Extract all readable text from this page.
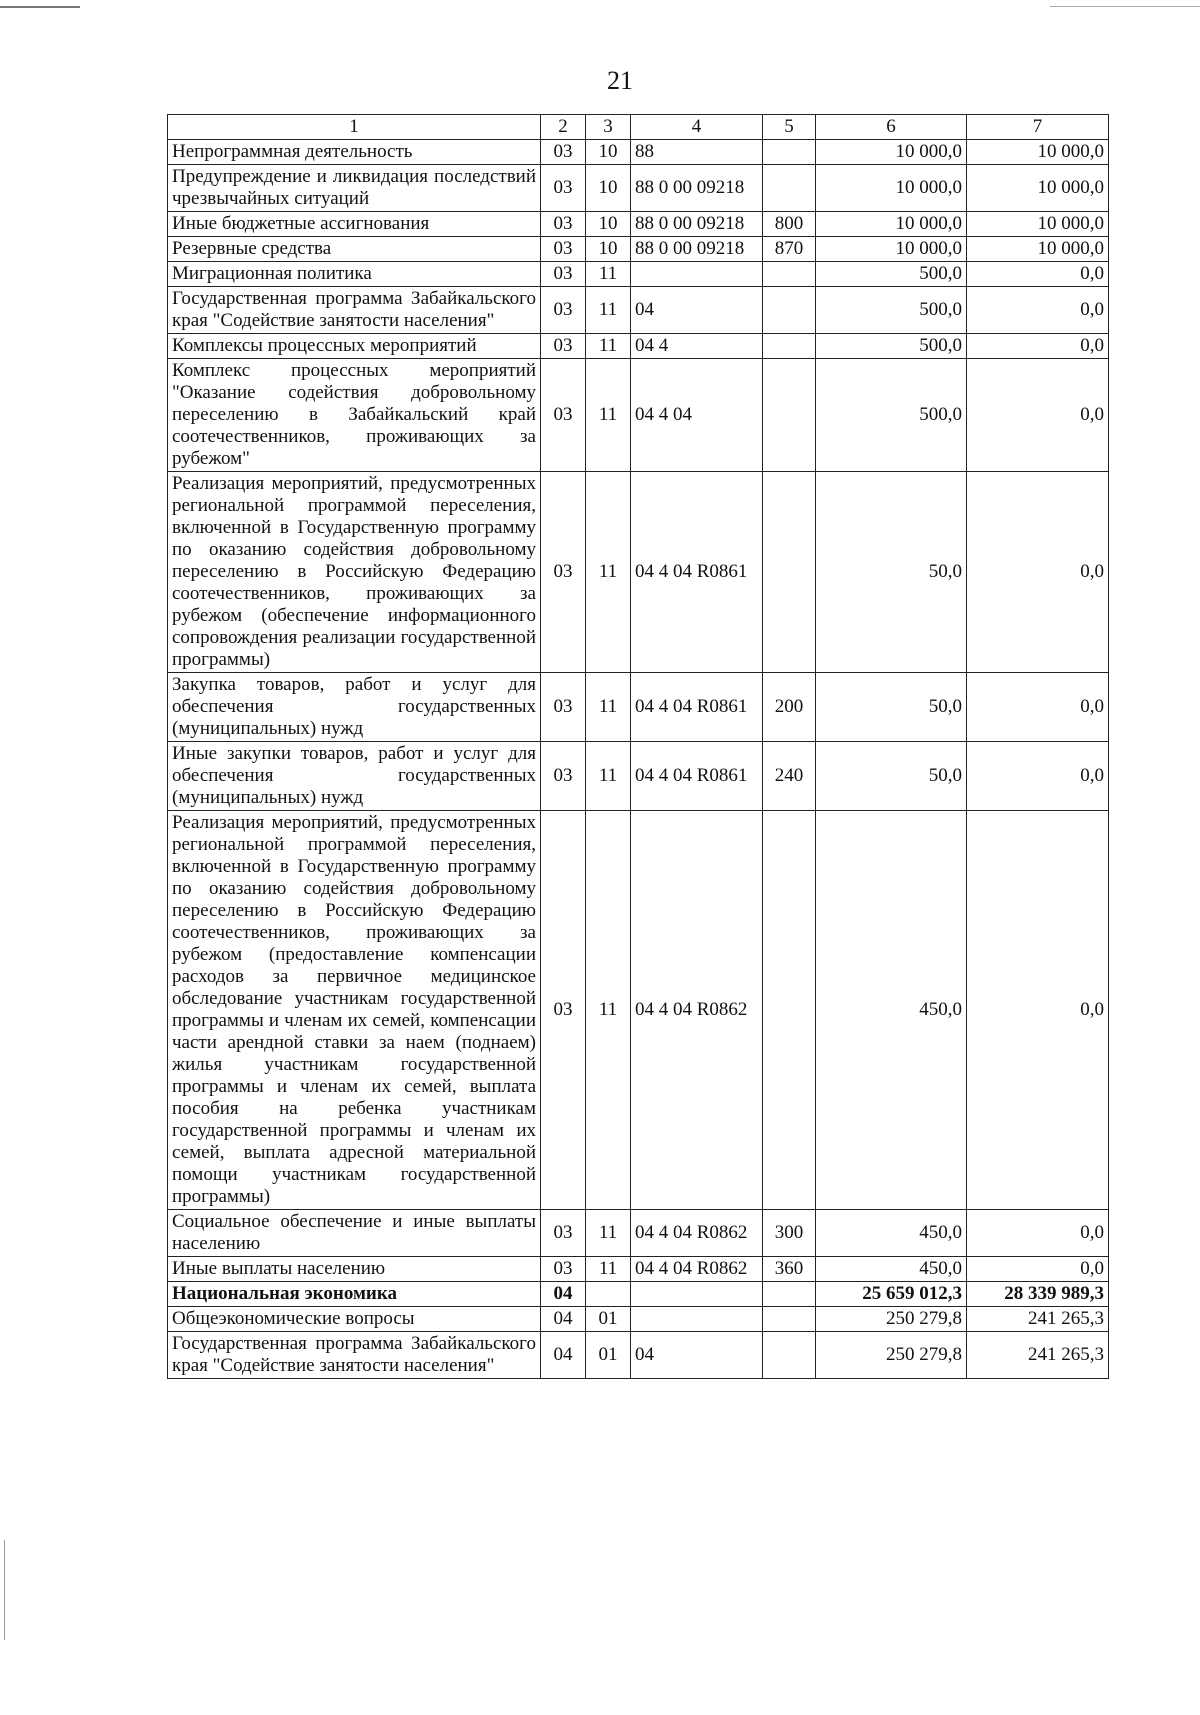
21
1	2	3	4	5	6	7
Непрограммная деятельность	03	10	88		10 000,0	10 000,0
Предупреждение и ликвидация последствий чрезвычайных ситуаций	03	10	88 0 00 09218		10 000,0	10 000,0
Иные бюджетные ассигнования	03	10	88 0 00 09218	800	10 000,0	10 000,0
Резервные средства	03	10	88 0 00 09218	870	10 000,0	10 000,0
Миграционная политика	03	11			500,0	0,0
Государственная программа Забайкальского края "Содействие занятости населения"	03	11	04		500,0	0,0
Комплексы процессных мероприятий	03	11	04 4		500,0	0,0
Комплекс процессных мероприятий "Оказание содействия добровольному переселению в Забайкальский край соотечественников, проживающих за рубежом"	03	11	04 4 04		500,0	0,0
Реализация мероприятий, предусмотренных региональной программой переселения, включенной в Государственную программу по оказанию содействия добровольному переселению в Российскую Федерацию соотечественников, проживающих за рубежом (обеспечение информационного сопровождения реализации государственной программы)	03	11	04 4 04 R0861		50,0	0,0
Закупка товаров, работ и услуг для обеспечения государственных (муниципальных) нужд	03	11	04 4 04 R0861	200	50,0	0,0
Иные закупки товаров, работ и услуг для обеспечения государственных (муниципальных) нужд	03	11	04 4 04 R0861	240	50,0	0,0
Реализация мероприятий, предусмотренных региональной программой переселения, включенной в Государственную программу по оказанию содействия добровольному переселению в Российскую Федерацию соотечественников, проживающих за рубежом (предоставление компенсации расходов за первичное медицинское обследование участникам государственной программы и членам их семей, компенсации части арендной ставки за наем (поднаем) жилья участникам государственной программы и членам их семей, выплата пособия на ребенка участникам государственной программы и членам их семей, выплата адресной материальной помощи участникам государственной программы)	03	11	04 4 04 R0862		450,0	0,0
Социальное обеспечение и иные выплаты населению	03	11	04 4 04 R0862	300	450,0	0,0
Иные выплаты населению	03	11	04 4 04 R0862	360	450,0	0,0
Национальная экономика	04				25 659 012,3	28 339 989,3
Общеэкономические вопросы	04	01			250 279,8	241 265,3
Государственная программа Забайкальского края "Содействие занятости населения"	04	01	04		250 279,8	241 265,3
